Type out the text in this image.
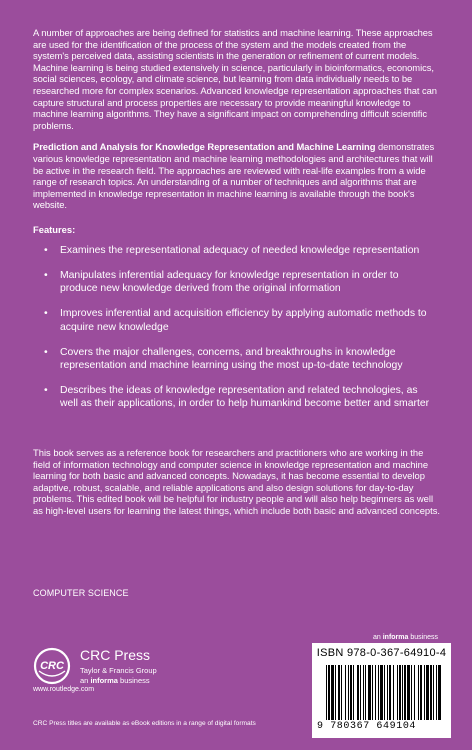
A number of approaches are being defined for statistics and machine learning. These approaches are used for the identification of the process of the system and the models created from the system's perceived data, assisting scientists in the generation or refinement of current models. Machine learning is being studied extensively in science, particularly in bioinformatics, economics, social sciences, ecology, and climate science, but learning from data individually needs to be researched more for complex scenarios. Advanced knowledge representation approaches that can capture structural and process properties are necessary to provide meaningful knowledge to machine learning algorithms. They have a significant impact on comprehending difficult scientific problems.

Prediction and Analysis for Knowledge Representation and Machine Learning demonstrates various knowledge representation and machine learning methodologies and architectures that will be active in the research field. The approaches are reviewed with real-life examples from a wide range of research topics. An understanding of a number of techniques and algorithms that are implemented in knowledge representation in machine learning is available through the book's website.

Features:
• Examines the representational adequacy of needed knowledge representation
• Manipulates inferential adequacy for knowledge representation in order to produce new knowledge derived from the original information
• Improves inferential and acquisition efficiency by applying automatic methods to acquire new knowledge
• Covers the major challenges, concerns, and breakthroughs in knowledge representation and machine learning using the most up-to-date technology
• Describes the ideas of knowledge representation and related technologies, as well as their applications, in order to help humankind become better and smarter
This book serves as a reference book for researchers and practitioners who are working in the field of information technology and computer science in knowledge representation and machine learning for both basic and advanced concepts. Nowadays, it has become essential to develop adaptive, robust, scalable, and reliable applications and also design solutions for day-to-day problems. This edited book will be helpful for industry people and will also help beginners as well as high-level users for learning the latest things, which include both basic and advanced concepts.
COMPUTER SCIENCE
an informa business
CRC
CRC Press
Taylor & Francis Group
an informa business
www.routledge.com
CRC Press titles are available as eBook editions in a range of digital formats
ISBN 978-0-367-64910-4
9 780367 649104
